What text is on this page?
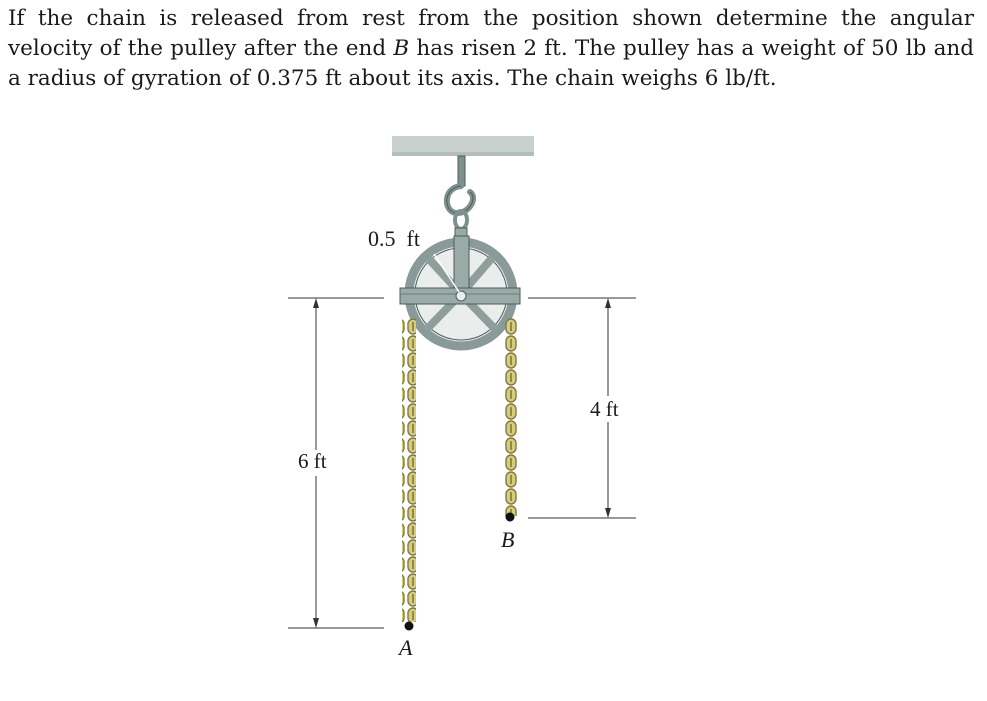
If the chain is released from rest from the position shown determine the angular velocity of the pulley after the end B has risen 2 ft. The pulley has a weight of 50 lb and a radius of gyration of 0.375 ft about its axis. The chain weighs 6 lb/ft.
0.5  ft
6 ft
4 ft
A
B
